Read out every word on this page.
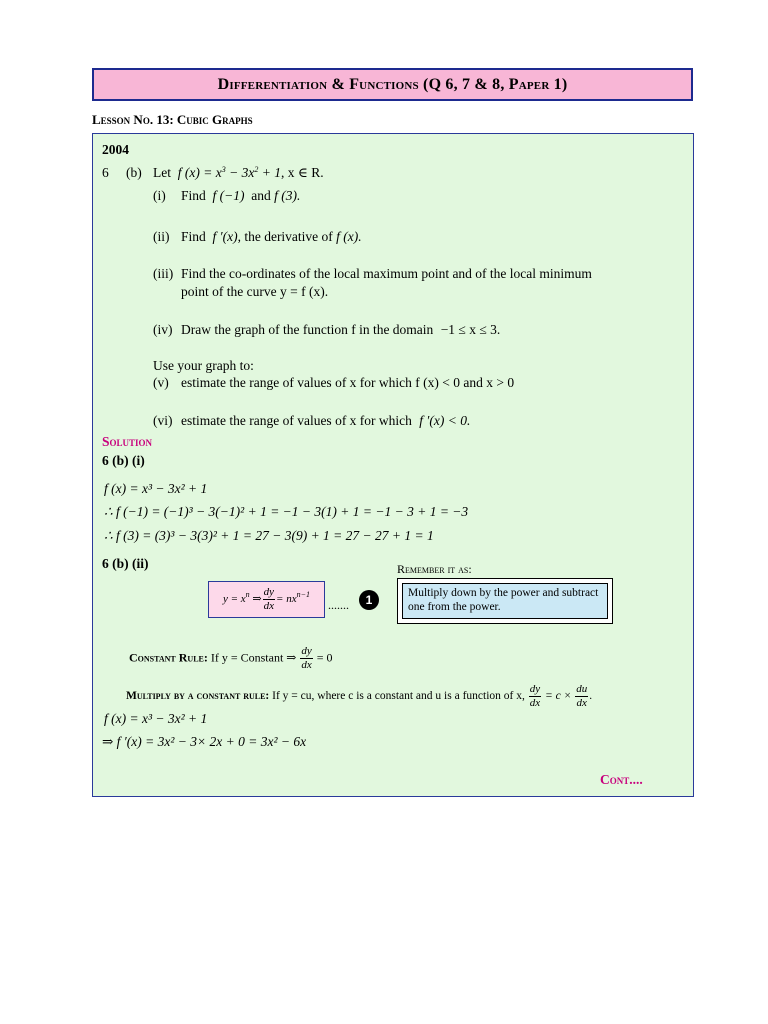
Differentiation & Functions (Q 6, 7 & 8, Paper 1)
Lesson No. 13: Cubic Graphs
2004
6 (b) Let  f $(x) = x^3 - 3x^2 + 1$, x ∈ R.
(i) Find  f (−1)  and f (3).
(ii) Find  f ′(x), the derivative of f (x).
(iii) Find the co-ordinates of the local maximum point and of the local minimum
point of the curve y = f (x).
(iv) Draw the graph of the function f in the domain −1 ≤ x ≤ 3.
Use your graph to:
(v) estimate the range of values of x for which f (x) < 0 and x > 0
(vi) estimate the range of values of x for which f ′(x) < 0.
Solution
6 (b) (i)
f (x) = x³ − 3x² + 1
∴ f (−1) = (−1)³ − 3(−1)² + 1 = −1 − 3(1) + 1 = −1 − 3 + 1 = −3
∴ f (3) = (3)³ − 3(3)² + 1 = 27 − 3(9) + 1 = 27 − 27 + 1 = 1
6 (b) (ii)	Remember it as:
$y = x^n$ ⇒ $\frac{dy}{dx} = nx^{n-1}$
.......	1	Multiply down by the power and subtract one from the power.
Constant Rule: If y = Constant ⇒ $\frac{dy}{dx} = 0$
Multiply by a constant rule: If y = cu, where c is a constant and u is a function of x, $\frac{dy}{dx} = c \times \frac{du}{dx}$ .
f (x) = x³ − 3x² + 1
⇒ f ′(x) = 3x² − 3× 2x + 0 = 3x² − 6x
Cont....
